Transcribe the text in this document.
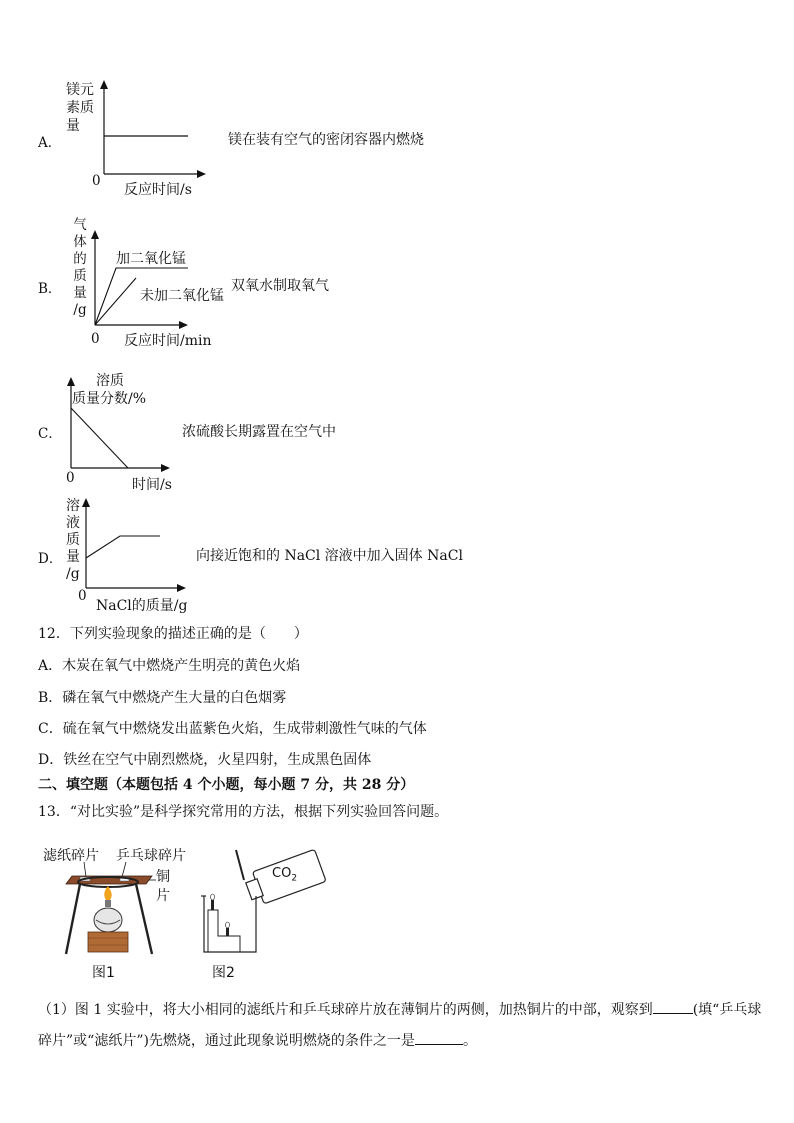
A．
镁元
素质
量
0
反应时间/s
镁在装有空气的密闭容器内燃烧
B．
气
体
的
质
量
/g
加二氧化锰
未加二氧化锰
双氧水制取氧气
0 反应时间/min
C．
溶质
质量分数/%
浓硫酸长期露置在空气中
0	时间/s
D．
溶
液
质
量
/g
向接近饱和的 NaCl 溶液中加入固体 NaCl
0
NaCl的质量/g
12．下列实验现象的描述正确的是（　　）
A．木炭在氧气中燃烧产生明亮的黄色火焰
B．磷在氧气中燃烧产生大量的白色烟雾
C．硫在氧气中燃烧发出蓝紫色火焰，生成带刺激性气味的气体
D．铁丝在空气中剧烈燃烧，火星四射，生成黑色固体
二、填空题（本题包括 4 个小题，每小题 7 分，共 28 分）
13．“对比实验”是科学探究常用的方法，根据下列实验回答问题。
滤纸碎片 乒乓球碎片
铜
片
图1
$CO_2$
图2
（1）图 1 实验中，将大小相同的滤纸片和乒乓球碎片放在薄铜片的两侧，加热铜片的中部，观察到	(填“乒乓球
碎片”或“滤纸片”)先燃烧，通过此现象说明燃烧的条件之一是	。
